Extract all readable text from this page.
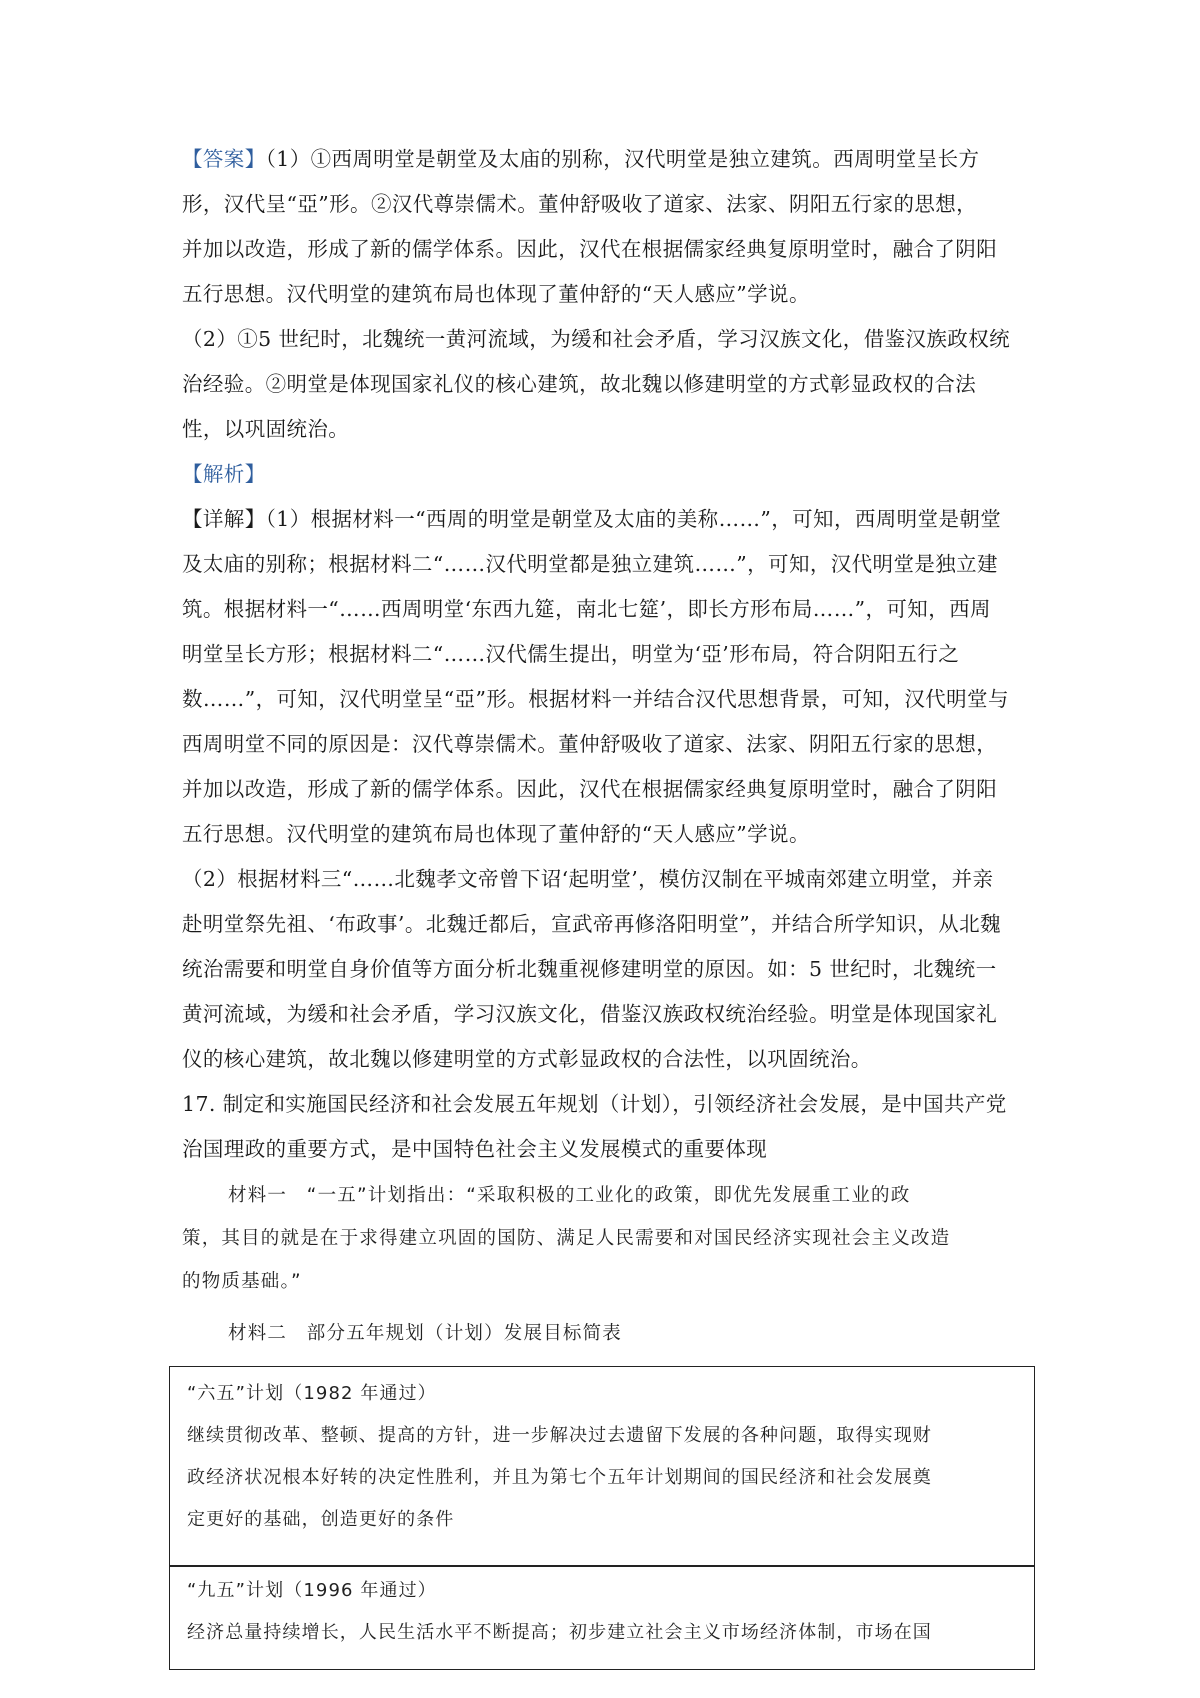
【答案】（1）①西周明堂是朝堂及太庙的别称，汉代明堂是独立建筑。西周明堂呈长方
形，汉代呈“亞”形。②汉代尊崇儒术。董仲舒吸收了道家、法家、阴阳五行家的思想，
并加以改造，形成了新的儒学体系。因此，汉代在根据儒家经典复原明堂时，融合了阴阳
五行思想。汉代明堂的建筑布局也体现了董仲舒的“天人感应”学说。
（2）①5 世纪时，北魏统一黄河流域，为缓和社会矛盾，学习汉族文化，借鉴汉族政权统
治经验。②明堂是体现国家礼仪的核心建筑，故北魏以修建明堂的方式彰显政权的合法
性，以巩固统治。
【解析】
【详解】（1）根据材料一“西周的明堂是朝堂及太庙的美称……”，可知，西周明堂是朝堂
及太庙的别称；根据材料二“……汉代明堂都是独立建筑……”，可知，汉代明堂是独立建
筑。根据材料一“……西周明堂‘东西九筵，南北七筵’，即长方形布局……”，可知，西周
明堂呈长方形；根据材料二“……汉代儒生提出，明堂为‘亞’形布局，符合阴阳五行之
数……”，可知，汉代明堂呈“亞”形。根据材料一并结合汉代思想背景，可知，汉代明堂与
西周明堂不同的原因是：汉代尊崇儒术。董仲舒吸收了道家、法家、阴阳五行家的思想，
并加以改造，形成了新的儒学体系。因此，汉代在根据儒家经典复原明堂时，融合了阴阳
五行思想。汉代明堂的建筑布局也体现了董仲舒的“天人感应”学说。
（2）根据材料三“……北魏孝文帝曾下诏‘起明堂’，模仿汉制在平城南郊建立明堂，并亲
赴明堂祭先祖、‘布政事’。北魏迁都后，宣武帝再修洛阳明堂”，并结合所学知识，从北魏
统治需要和明堂自身价值等方面分析北魏重视修建明堂的原因。如：5 世纪时，北魏统一
黄河流域，为缓和社会矛盾，学习汉族文化，借鉴汉族政权统治经验。明堂是体现国家礼
仪的核心建筑，故北魏以修建明堂的方式彰显政权的合法性，以巩固统治。
17. 制定和实施国民经济和社会发展五年规划（计划），引领经济社会发展，是中国共产党
治国理政的重要方式，是中国特色社会主义发展模式的重要体现
材料一　“一五”计划指出：“采取积极的工业化的政策，即优先发展重工业的政
策，其目的就是在于求得建立巩固的国防、满足人民需要和对国民经济实现社会主义改造
的物质基础。”
材料二　部分五年规划（计划）发展目标简表
“六五”计划（1982 年通过）
继续贯彻改革、整顿、提高的方针，进一步解决过去遗留下发展的各种问题，取得实现财
政经济状况根本好转的决定性胜利，并且为第七个五年计划期间的国民经济和社会发展奠
定更好的基础，创造更好的条件
“九五”计划（1996 年通过）
经济总量持续增长，人民生活水平不断提高；初步建立社会主义市场经济体制，市场在国
